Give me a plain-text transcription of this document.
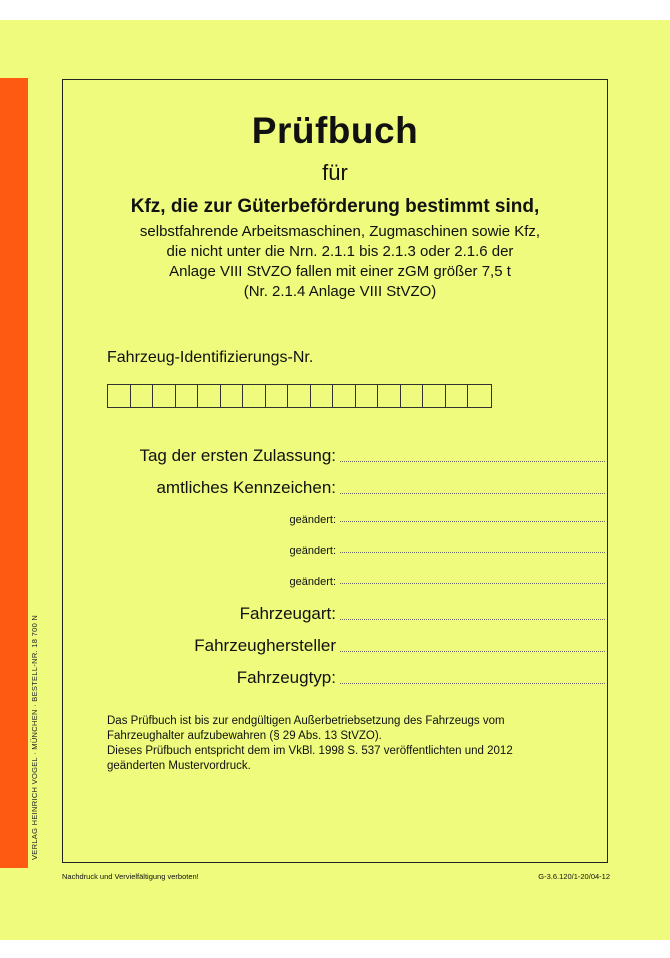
VERLAG HEINRICH VOGEL · MÜNCHEN · BESTELL-NR. 18 700 N
Prüfbuch
für
Kfz, die zur Güterbeförderung bestimmt sind,
selbstfahrende Arbeitsmaschinen, Zugmaschinen sowie Kfz,
die nicht unter die Nrn. 2.1.1 bis 2.1.3 oder 2.1.6 der
Anlage VIII StVZO fallen mit einer zGM größer 7,5 t
(Nr. 2.1.4 Anlage VIII StVZO)
Fahrzeug-Identifizierungs-Nr.
Tag der ersten Zulassung:
amtliches Kennzeichen:
geändert:
geändert:
geändert:
Fahrzeugart:
Fahrzeughersteller
Fahrzeugtyp:
Das Prüfbuch ist bis zur endgültigen Außerbetriebsetzung des Fahrzeugs vom
Fahrzeughalter aufzubewahren (§ 29 Abs. 13 StVZO).
Dieses Prüfbuch entspricht dem im VkBl. 1998 S. 537 veröffentlichten und 2012
geänderten Mustervordruck.
Nachdruck und Vervielfältigung verboten!	G-3.6.120/1-20/04-12
